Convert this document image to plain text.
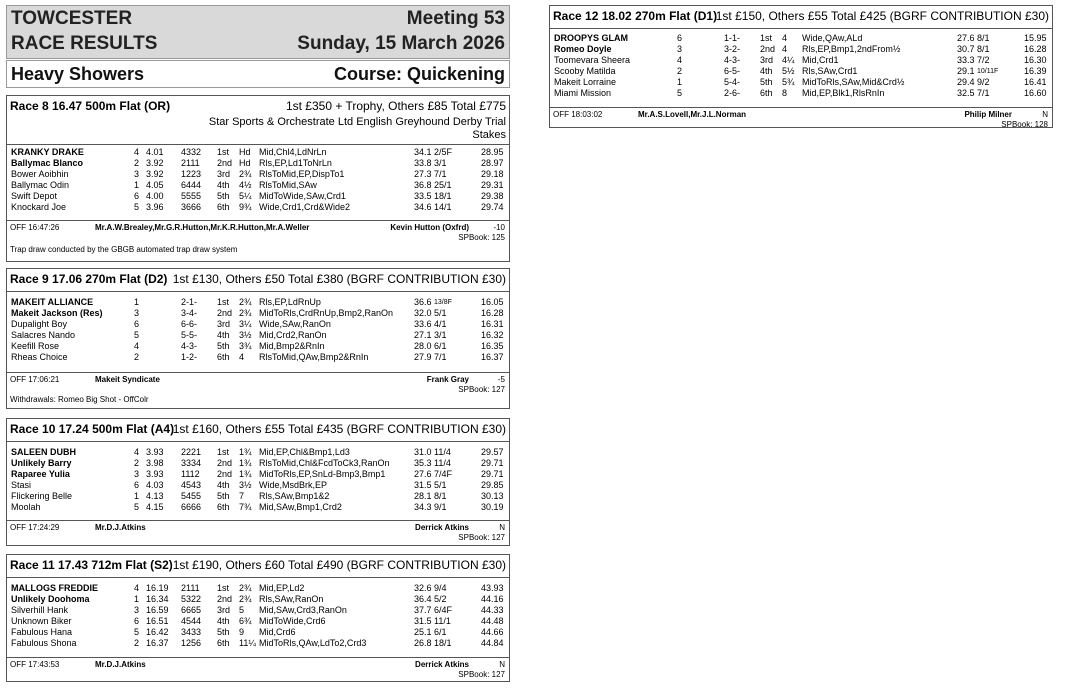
TOWCESTER
RACE RESULTS
Meeting 53
Sunday, 15 March 2026
Heavy Showers	Course: Quickening
Race 8 16.47 500m Flat (OR)	1st £350 + Trophy, Others £85 Total £775
Star Sports & Orchestrate Ltd English Greyhound Derby Trial Stakes
KRANKY DRAKE	4 4.01 4332 1st Hd Mid,Chl4,LdNrLn	34.1 2/5F	28.95
Ballymac Blanco	2 3.92 2111 2nd Hd Rls,EP,Ld1ToNrLn	33.8 3/1	28.97
Bower Aoibhin	3 3.92 1223 3rd 2¾ RlsToMid,EP,DispTo1	27.3 7/1	29.18
Ballymac Odin	1 4.05 6444 4th 4½ RlsToMid,SAw	36.8 25/1	29.31
Swift Depot	6 4.00 5555 5th 5¼ MidToWide,SAw,Crd1	33.5 18/1	29.38
Knockard Joe	5 3.96 3666 6th 9¾ Wide,Crd1,Crd&Wide2	34.6 14/1	29.74
OFF 16:47:26	Mr.A.W.Brealey,Mr.G.R.Hutton,Mr.K.R.Hutton,Mr.A.Weller	Kevin Hutton (Oxfrd)	-10
SPBook: 125
Trap draw conducted by the GBGB automated trap draw system
Race 9 17.06 270m Flat (D2) 1st £130, Others £50 Total £380 (BGRF CONTRIBUTION £30)
MAKEIT ALLIANCE	1	2-1- 1st 2¾ Rls,EP,LdRnUp	36.6 13/8F	16.05
Makeit Jackson (Res)	3	3-4- 2nd 2¾ MidToRls,CrdRnUp,Bmp2,RanOn 32.0 5/1	16.28
Dupalight Boy	6	6-6- 3rd 3¼ Wide,SAw,RanOn	33.6 4/1	16.31
Salacres Nando	5	5-5- 4th 3½ Mid,Crd2,RanOn	27.1 3/1	16.32
Keefill Rose	4	4-3- 5th 3¾ Mid,Bmp2&RnIn	28.0 6/1	16.35
Rheas Choice	2	1-2- 6th 4 RlsToMid,QAw,Bmp2&RnIn	27.9 7/1	16.37
OFF 17:06:21	Makeit Syndicate	Frank Gray	-5
SPBook: 127
Withdrawals: Romeo Big Shot - OffColr
Race 10 17.24 500m Flat (A4)
1st £160, Others £55 Total £435 (BGRF CONTRIBUTION £30)
SALEEN DUBH	4 3.93 2221 1st 1¾ Mid,EP,Chl&Bmp1,Ld3	31.0 11/4	29.57
Unlikely Barry	2 3.98 3334 2nd 1¾ RlsToMid,Chl&FcdToCk3,RanOn	35.3 11/4	29.71
Raparee Yulia	3 3.93 1112 2nd 1¾ MidToRls,EP,SnLd-Bmp3,Bmp1	27.6 7/4F	29.71
Stasi	6 4.03 4543 4th 3½ Wide,MsdBrk,EP	31.5 5/1	29.85
Flickering Belle	1 4.13 5455 5th 7 Rls,SAw,Bmp1&2	28.1 8/1	30.13
Moolah	5 4.15 6666 6th 7¾ Mid,SAw,Bmp1,Crd2	34.3 9/1	30.19
OFF 17:24:29	Mr.D.J.Atkins	Derrick Atkins	N
SPBook: 127
Race 11 17.43 712m Flat (S2) 1st £190, Others £60 Total £490 (BGRF CONTRIBUTION £30)
MALLOGS FREDDIE	4 16.19 2111 1st 2¾ Mid,EP,Ld2	32.6 9/4	43.93
Unlikely Doohoma	1 16.34 5322 2nd 2¾ Rls,SAw,RanOn	36.4 5/2	44.16
Silverhill Hank	3 16.59 6665 3rd 5 Mid,SAw,Crd3,RanOn	37.7 6/4F	44.33
Unknown Biker	6 16.51 4544 4th 6¾ MidToWide,Crd6	31.5 11/1	44.48
Fabulous Hana	5 16.42 3433 5th 9 Mid,Crd6	25.1 6/1	44.66
Fabulous Shona	2 16.37 1256 6th 11¼ MidToRls,QAw,LdTo2,Crd3	26.8 18/1	44.84
OFF 17:43:53	Mr.D.J.Atkins	Derrick Atkins	N
SPBook: 127
Race 12 18.02 270m Flat (D1)
1st £150, Others £55 Total £425 (BGRF CONTRIBUTION £30)
DROOPYS GLAM	6	1-1- 1st 4 Wide,QAw,ALd	27.6 8/1	15.95
Romeo Doyle	3	3-2- 2nd 4 Rls,EP,Bmp1,2ndFrom½	30.7 8/1	16.28
Toomevara Sheera	4	4-3- 3rd 4¼ Mid,Crd1	33.3 7/2	16.30
Scooby Matilda	2	6-5- 4th 5½ Rls,SAw,Crd1	29.1 10/11F	16.39
Makeit Lorraine	1	5-4- 5th 5¾ MidToRls,SAw,Mid&Crd½	29.4 9/2	16.41
Miami Mission	5	2-6- 6th 8 Mid,EP,Blk1,RlsRnIn	32.5 7/1	16.60
OFF 18:03:02	Mr.A.S.Lovell,Mr.J.L.Norman	Philip Milner	N
SPBook: 128
